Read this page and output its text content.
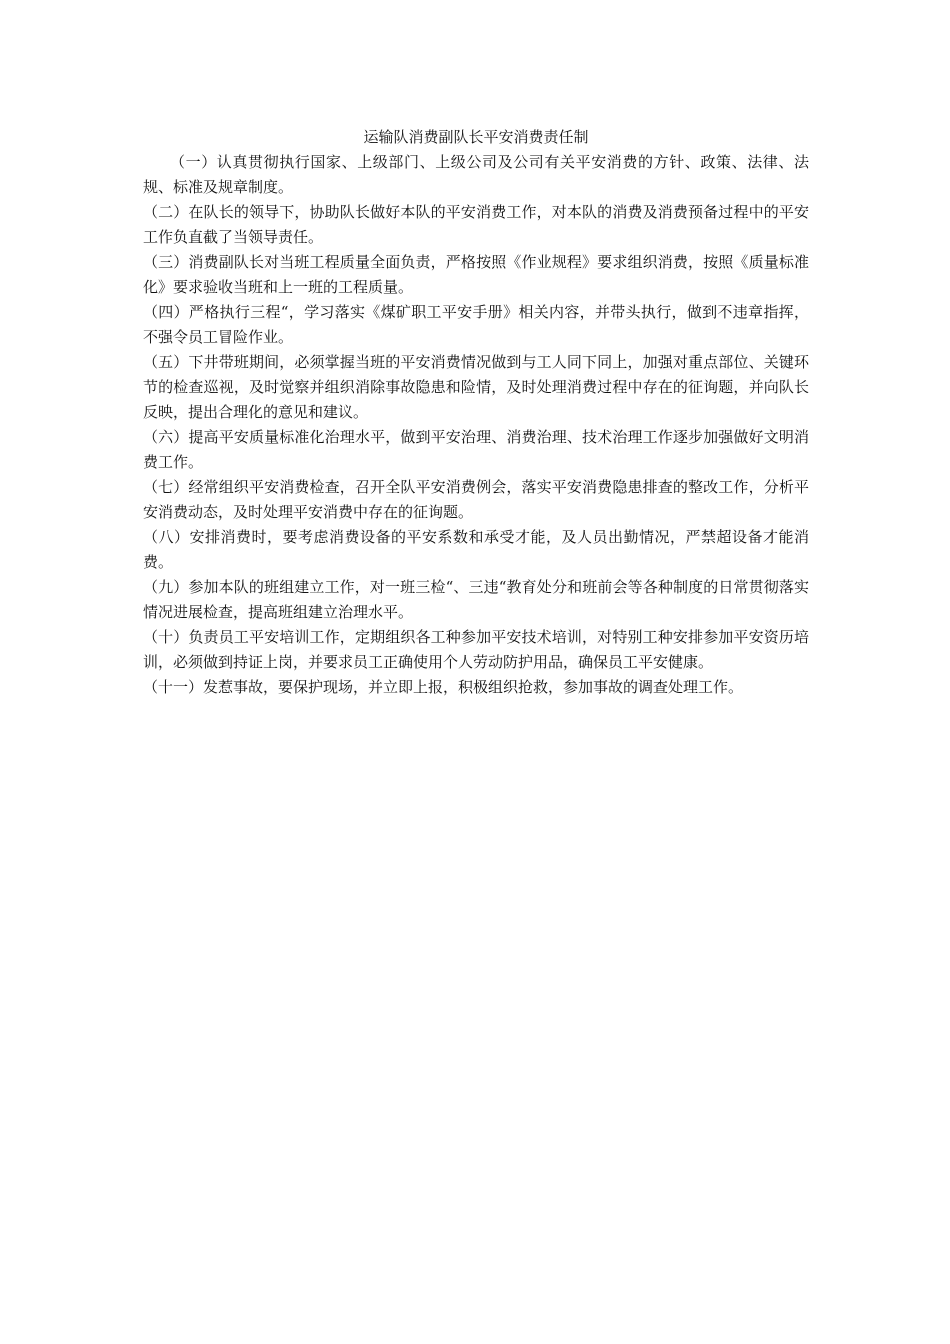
运输队消费副队长平安消费责任制

（一）认真贯彻执行国家、上级部门、上级公司及公司有关平安消费的方针、政策、法律、法规、标准及规章制度。

（二）在队长的领导下，协助队长做好本队的平安消费工作，对本队的消费及消费预备过程中的平安工作负直截了当领导责任。

（三）消费副队长对当班工程质量全面负责，严格按照《作业规程》要求组织消费，按照《质量标准化》要求验收当班和上一班的工程质量。

（四）严格执行三程“，学习落实《煤矿职工平安手册》相关内容，并带头执行，做到不违章指挥，不强令员工冒险作业。

（五）下井带班期间，必须掌握当班的平安消费情况做到与工人同下同上，加强对重点部位、关键环节的检查巡视，及时觉察并组织消除事故隐患和险情，及时处理消费过程中存在的征询题，并向队长反映，提出合理化的意见和建议。

（六）提高平安质量标准化治理水平，做到平安治理、消费治理、技术治理工作逐步加强做好文明消费工作。

（七）经常组织平安消费检查，召开全队平安消费例会，落实平安消费隐患排查的整改工作，分析平安消费动态，及时处理平安消费中存在的征询题。

（八）安排消费时，要考虑消费设备的平安系数和承受才能，及人员出勤情况，严禁超设备才能消费。

（九）参加本队的班组建立工作，对一班三检“、三违“教育处分和班前会等各种制度的日常贯彻落实情况进展检查，提高班组建立治理水平。

（十）负责员工平安培训工作，定期组织各工种参加平安技术培训，对特别工种安排参加平安资历培训，必须做到持证上岗，并要求员工正确使用个人劳动防护用品，确保员工平安健康。

（十一）发惹事故，要保护现场，并立即上报，积极组织抢救，参加事故的调查处理工作。
